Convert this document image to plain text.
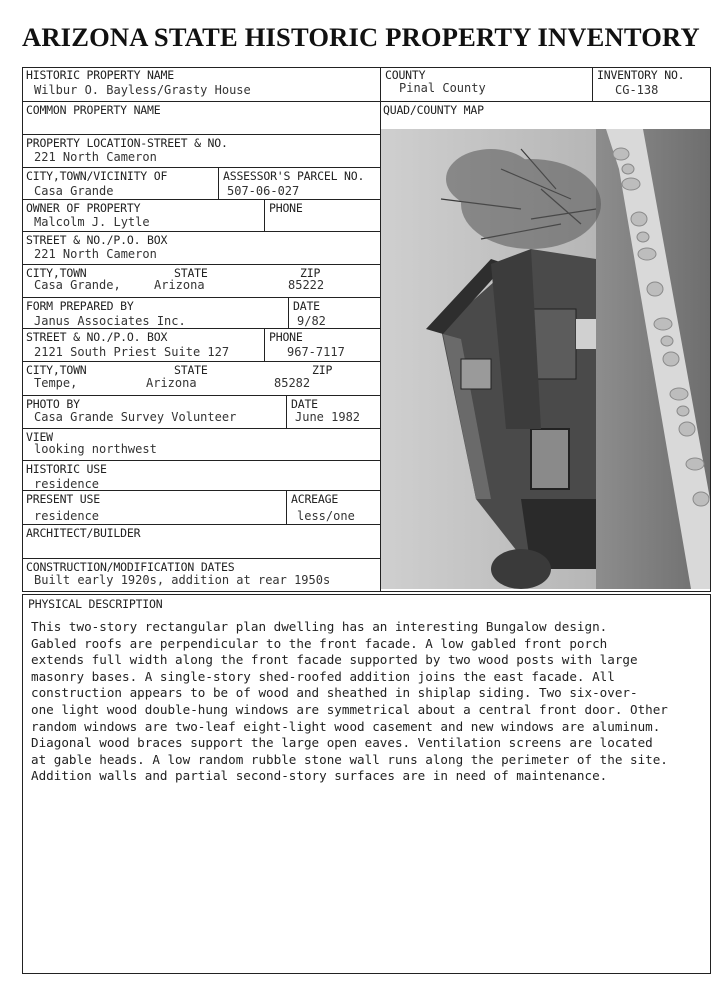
ARIZONA STATE HISTORIC PROPERTY INVENTORY
HISTORIC PROPERTY NAME
Wilbur O. Bayless/Grasty House
COMMON PROPERTY NAME
PROPERTY LOCATION-STREET & NO.
221 North Cameron
CITY,TOWN/VICINITY OF
Casa Grande
ASSESSOR'S PARCEL NO.
507-06-027
OWNER OF PROPERTY
Malcolm J. Lytle
PHONE
STREET & NO./P.O. BOX
221 North Cameron
CITY,TOWN	STATE	ZIP
Casa Grande,	Arizona	85222
FORM PREPARED BY
Janus Associates Inc.
DATE
9/82
STREET & NO./P.O. BOX
2121 South Priest Suite 127
PHONE
967-7117
CITY,TOWN	STATE	ZIP
Tempe,	Arizona	85282
PHOTO BY
Casa Grande Survey Volunteer
DATE
June 1982
VIEW
looking northwest
HISTORIC USE
residence
PRESENT USE
residence
ACREAGE
less/one
ARCHITECT/BUILDER
CONSTRUCTION/MODIFICATION DATES
Built early 1920s, addition at rear 1950s
COUNTY
Pinal County
INVENTORY NO.
CG-138
QUAD/COUNTY MAP
PHYSICAL DESCRIPTION
This two-story rectangular plan dwelling has an interesting Bungalow design.
Gabled roofs are perpendicular to the front facade. A low gabled front porch
extends full width along the front facade supported by two wood posts with large
masonry bases. A single-story shed-roofed addition joins the east facade. All
construction appears to be of wood and sheathed in shiplap siding. Two six-over-
one light wood double-hung windows are symmetrical about a central front door. Other
random windows are two-leaf eight-light wood casement and new windows are aluminum.
Diagonal wood braces support the large open eaves. Ventilation screens are located
at gable heads. A low random rubble stone wall runs along the perimeter of the site.
Addition walls and partial second-story surfaces are in need of maintenance.
